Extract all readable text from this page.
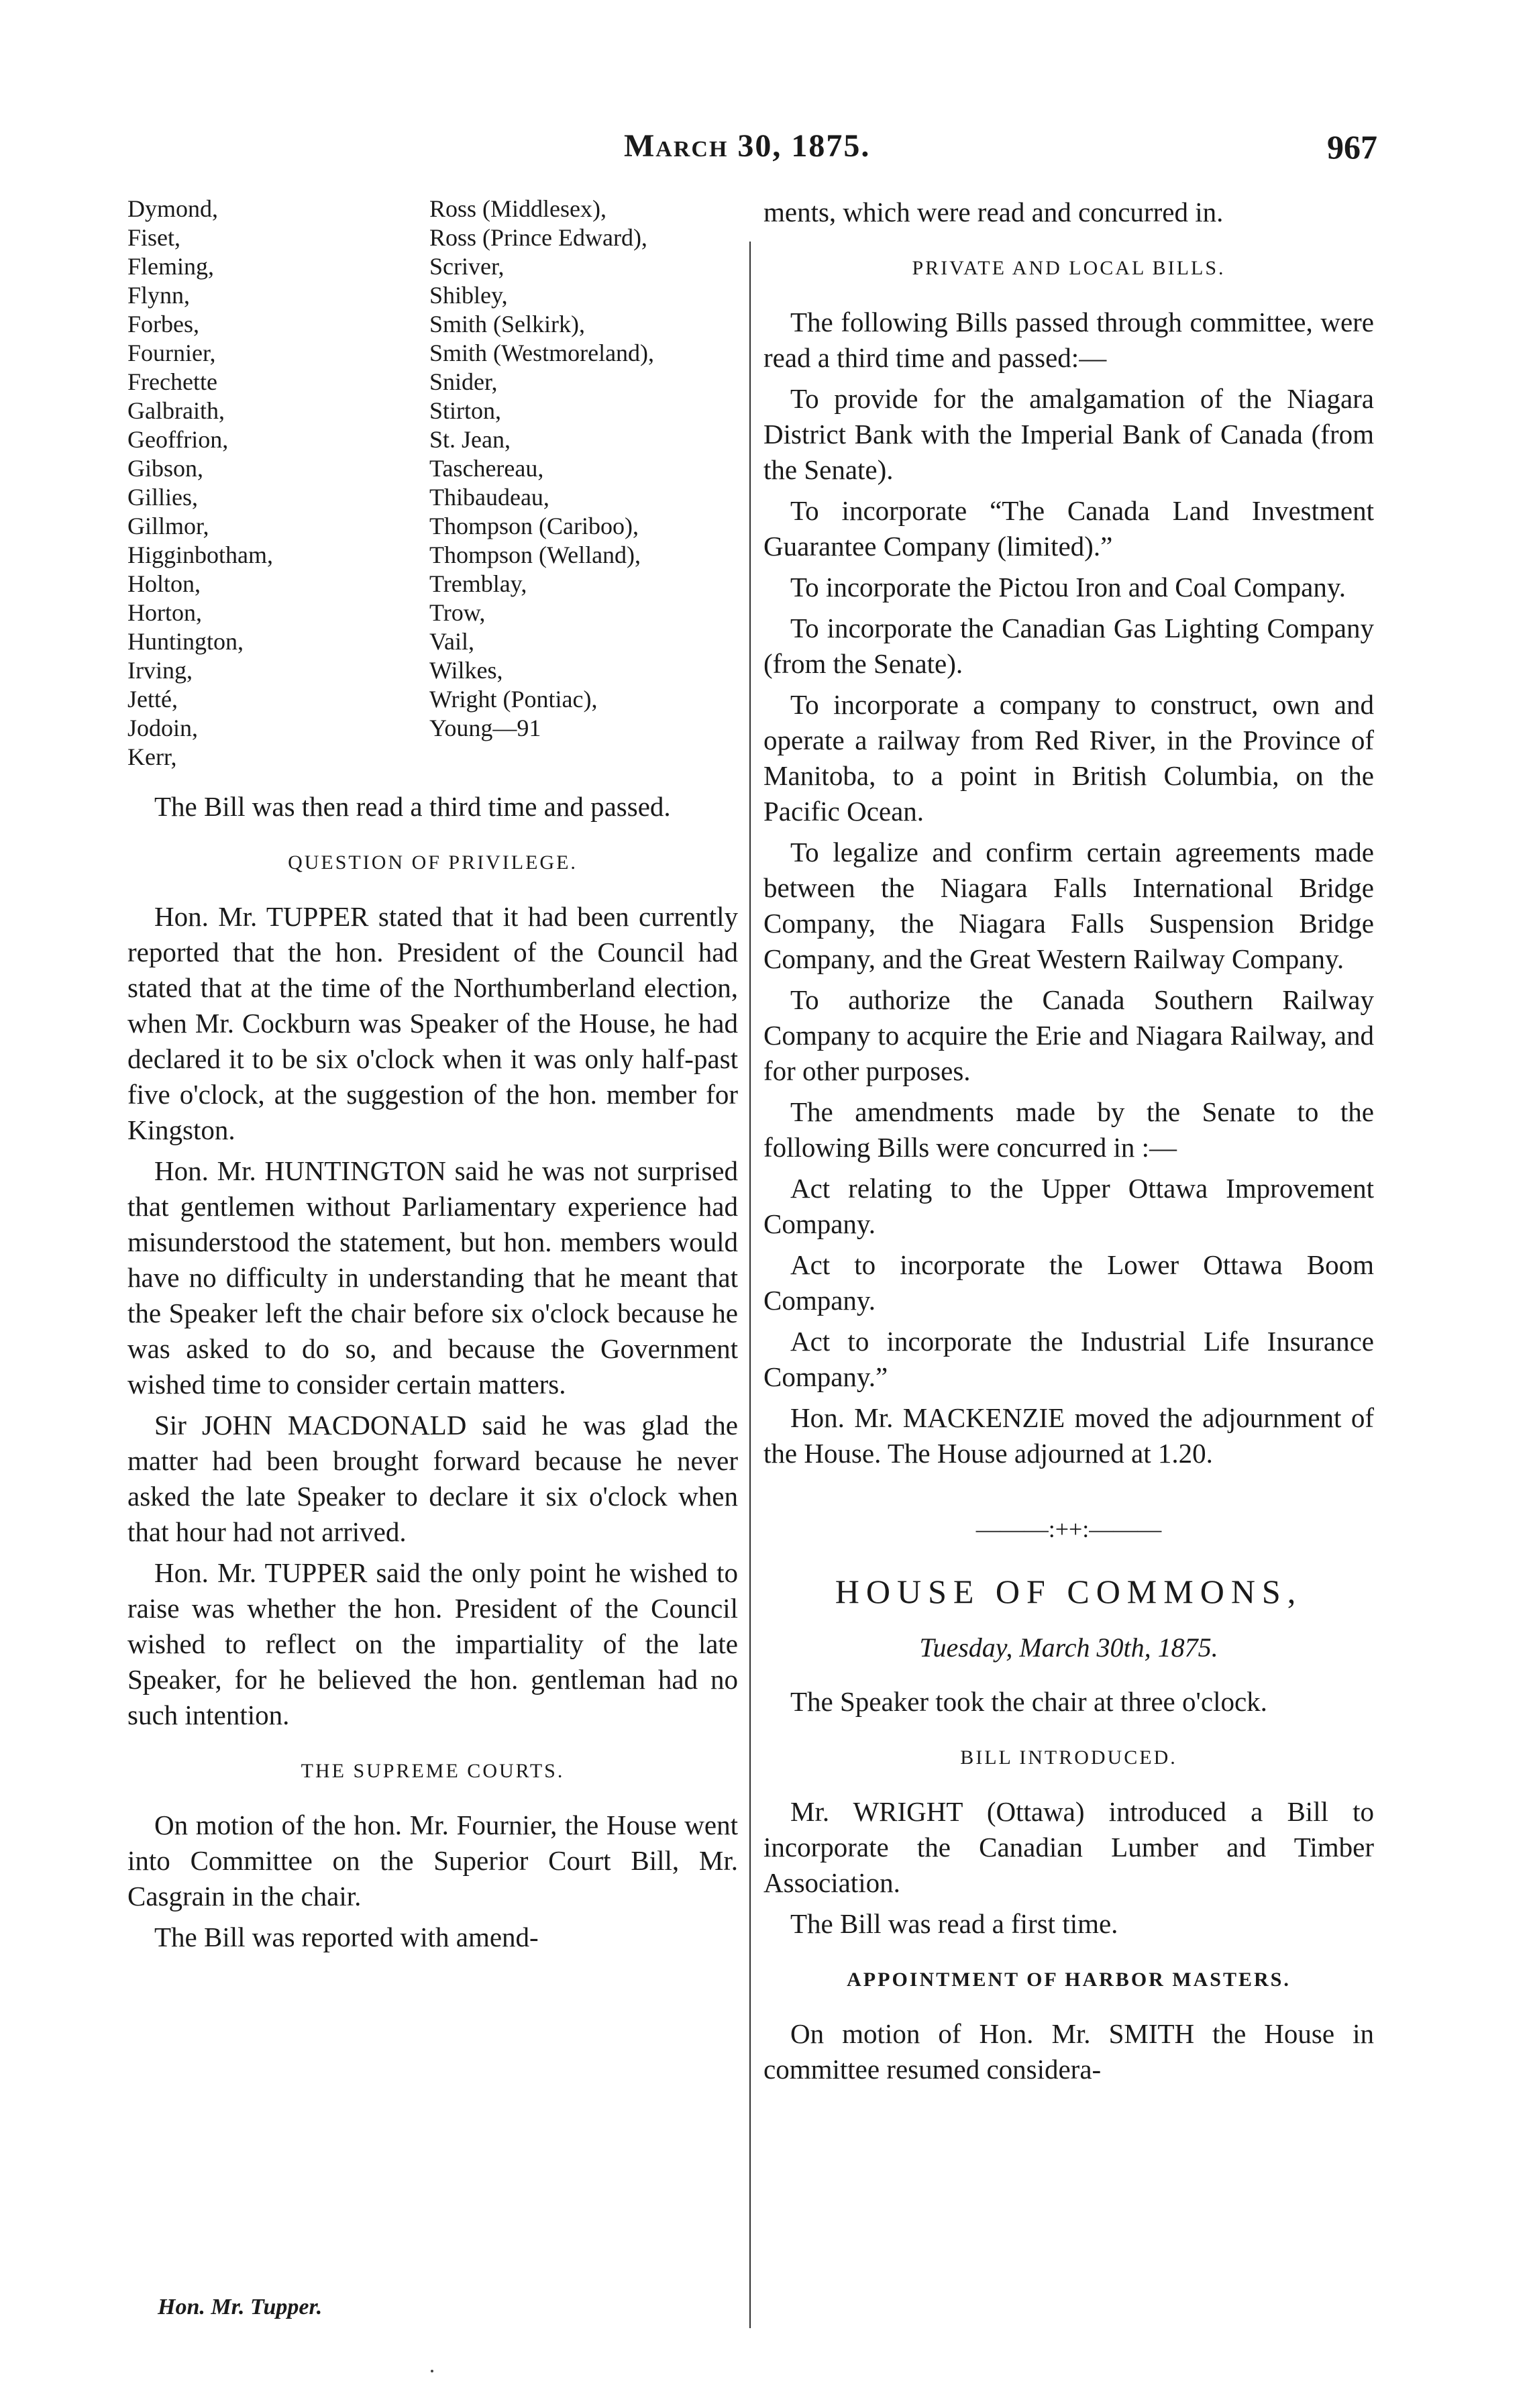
March 30, 1875.	967
Dymond,
Fiset,
Fleming,
Flynn,
Forbes,
Fournier,
Frechette
Galbraith,
Geoffrion,
Gibson,
Gillies,
Gillmor,
Higginbotham,
Holton,
Horton,
Huntington,
Irving,
Jetté,
Jodoin,
Kerr,
Ross (Middlesex),
Ross (Prince Edward),
Scriver,
Shibley,
Smith (Selkirk),
Smith (Westmoreland),
Snider,
Stirton,
St. Jean,
Taschereau,
Thibaudeau,
Thompson (Cariboo),
Thompson (Welland),
Tremblay,
Trow,
Vail,
Wilkes,
Wright (Pontiac),
Young—91

The Bill was then read a third time and passed.

QUESTION OF PRIVILEGE.

Hon. Mr. TUPPER stated that it had been currently reported that the hon. President of the Council had stated that at the time of the Northumberland election, when Mr. Cockburn was Speaker of the House, he had declared it to be six o'clock when it was only half-past five o'clock, at the suggestion of the hon. member for Kingston.

Hon. Mr. HUNTINGTON said he was not surprised that gentlemen without Parliamentary experience had misunderstood the statement, but hon. members would have no difficulty in understanding that he meant that the Speaker left the chair before six o'clock because he was asked to do so, and because the Government wished time to consider certain matters.

Sir JOHN MACDONALD said he was glad the matter had been brought forward because he never asked the late Speaker to declare it six o'clock when that hour had not arrived.

Hon. Mr. TUPPER said the only point he wished to raise was whether the hon. President of the Council wished to reflect on the impartiality of the late Speaker, for he believed the hon. gentleman had no such intention.

THE SUPREME COURTS.

On motion of the hon. Mr. Fournier, the House went into Committee on the Superior Court Bill, Mr. Casgrain in the chair.

The Bill was reported with amend-

Hon. Mr. Tupper.

ments, which were read and concurred in.

PRIVATE AND LOCAL BILLS.

The following Bills passed through committee, were read a third time and passed:—

To provide for the amalgamation of the Niagara District Bank with the Imperial Bank of Canada (from the Senate).

To incorporate “The Canada Land Investment Guarantee Company (limited).”

To incorporate the Pictou Iron and Coal Company.

To incorporate the Canadian Gas Lighting Company (from the Senate).

To incorporate a company to construct, own and operate a railway from Red River, in the Province of Manitoba, to a point in British Columbia, on the Pacific Ocean.

To legalize and confirm certain agreements made between the Niagara Falls International Bridge Company, the Niagara Falls Suspension Bridge Company, and the Great Western Railway Company.

To authorize the Canada Southern Railway Company to acquire the Erie and Niagara Railway, and for other purposes.

The amendments made by the Senate to the following Bills were concurred in :—

Act relating to the Upper Ottawa Improvement Company.

Act to incorporate the Lower Ottawa Boom Company.

Act to incorporate the Industrial Life Insurance Company.”

Hon. Mr. MACKENZIE moved the adjournment of the House. The House adjourned at 1.20.

———:++:———
HOUSE OF COMMONS,
Tuesday, March 30th, 1875.

The Speaker took the chair at three o'clock.

BILL INTRODUCED.

Mr. WRIGHT (Ottawa) introduced a Bill to incorporate the Canadian Lumber and Timber Association.

The Bill was read a first time.

APPOINTMENT OF HARBOR MASTERS.

On motion of Hon. Mr. SMITH the House in committee resumed considera-
